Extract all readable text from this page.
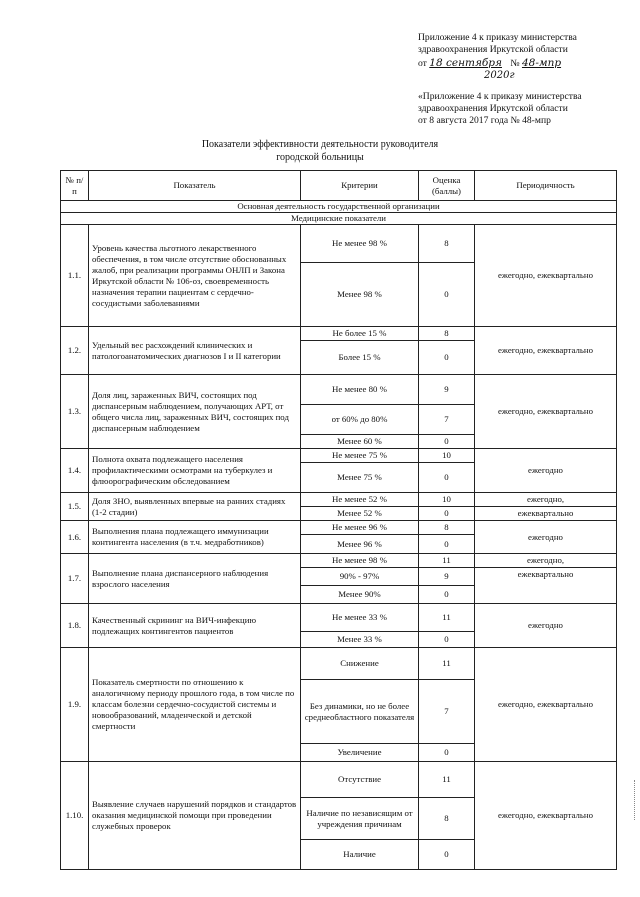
Приложение 4 к приказу министерства
здравоохранения Иркутской области
от 18 сентября № 48-мпр
2020г
«Приложение 4 к приказу министерства
здравоохранения Иркутской области
от 8 августа 2017 года № 48-мпр
Показатели эффективности деятельности руководителя
городской больницы
№ п/п	Показатель	Критерии	Оценка (баллы)	Периодичность
Основная деятельность государственной организации				
Медицинские показатели				
1.1.	Уровень качества льготного лекарственного обеспечения, в том числе отсутствие обоснованных жалоб, при реализации программы ОНЛП и Закона Иркутской области № 106-оз, своевременность назначения терапии пациентам с сердечно-сосудистыми заболеваниями	Не менее 98 %	8	ежегодно, ежеквартально
		Менее 98 %	0	
1.2.	Удельный вес расхождений клинических и патологоанатомических диагнозов I и II категории	Не более 15 %	8	ежегодно, ежеквартально
		Более 15 %	0	
1.3.	Доля лиц, зараженных ВИЧ, состоящих под диспансерным наблюдением, получающих АРТ, от общего числа лиц, зараженных ВИЧ, состоящих под диспансерным наблюдением	Не менее 80 %	9	ежегодно, ежеквартально
		от 60% до 80%	7	
		Менее 60 %	0	
1.4.	Полнота охвата подлежащего населения профилактическими осмотрами на туберкулез и флюорографическим обследованием	Не менее 75 %	10	ежегодно
		Менее 75 %	0	
1.5.	Доля ЗНО, выявленных впервые на ранних стадиях (1-2 стадии)	Не менее 52 %	10	ежегодно,
		Менее 52 %	0	ежеквартально
1.6.	Выполнения плана подлежащего иммунизации контингента населения (в т.ч. медработников)	Не менее 96 %	8	ежегодно
		Менее 96 %	0	
1.7.	Выполнение плана диспансерного наблюдения взрослого населения	Не менее 98 %	11	ежегодно,
		90% - 97%	9	ежеквартально
		Менее 90%	0	
1.8.	Качественный скрининг на ВИЧ-инфекцию подлежащих контингентов пациентов	Не менее 33 %	11	ежегодно
		Менее 33 %	0	
1.9.	Показатель смертности по отношению к аналогичному периоду прошлого года, в том числе по классам болезни сердечно-сосудистой системы и новообразований, младенческой и детской смертности	Снижение	11	ежегодно, ежеквартально
		Без динамики, но не более среднеобластного показателя	7	
		Увеличение	0	
1.10.	Выявление случаев нарушений порядков и стандартов оказания медицинской помощи при проведении служебных проверок	Отсутствие	11	ежегодно, ежеквартально
		Наличие по независящим от учреждения причинам	8	
		Наличие	0	
